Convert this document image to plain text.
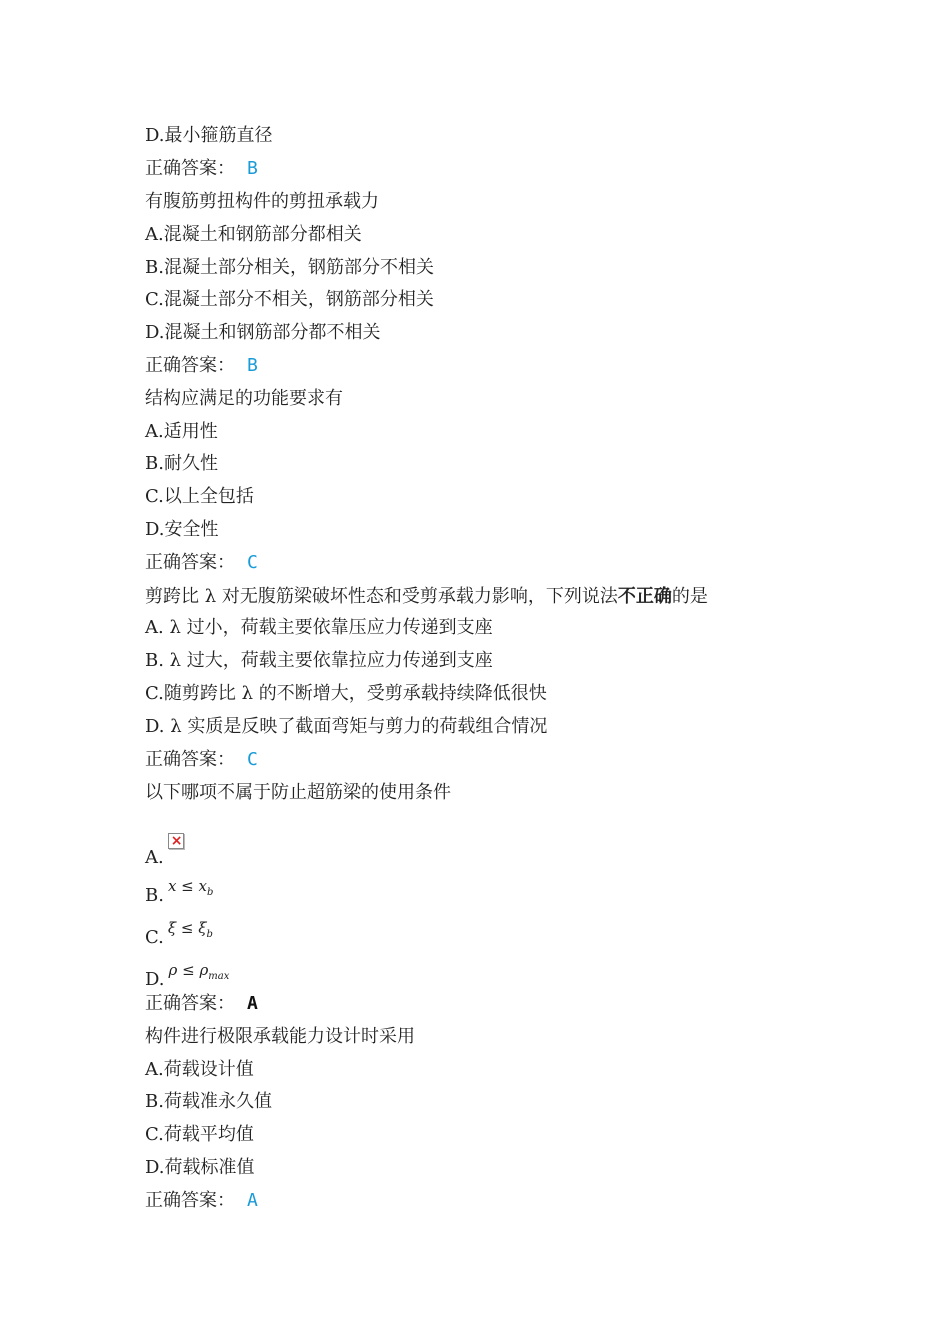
D.最小箍筋直径
正确答案： B
有腹筋剪扭构件的剪扭承载力
A.混凝土和钢筋部分都相关
B.混凝土部分相关，钢筋部分不相关
C.混凝土部分不相关，钢筋部分相关
D.混凝土和钢筋部分都不相关
正确答案： B
结构应满足的功能要求有
A.适用性
B.耐久性
C.以上全包括
D.安全性
正确答案： C
剪跨比 λ 对无腹筋梁破坏性态和受剪承载力影响，下列说法不正确的是
A. λ 过小，荷载主要依靠压应力传递到支座
B. λ 过大，荷载主要依靠拉应力传递到支座
C.随剪跨比 λ 的不断增大，受剪承载持续降低很快
D. λ 实质是反映了截面弯矩与剪力的荷载组合情况
正确答案： C
以下哪项不属于防止超筋梁的使用条件
A.×
B. $x \le x_b$
C. $\xi \le \xi_b$
D. $\rho \le \rho_{max}$
正确答案： A
构件进行极限承载能力设计时采用
A.荷载设计值
B.荷载准永久值
C.荷载平均值
D.荷载标准值
正确答案： A
